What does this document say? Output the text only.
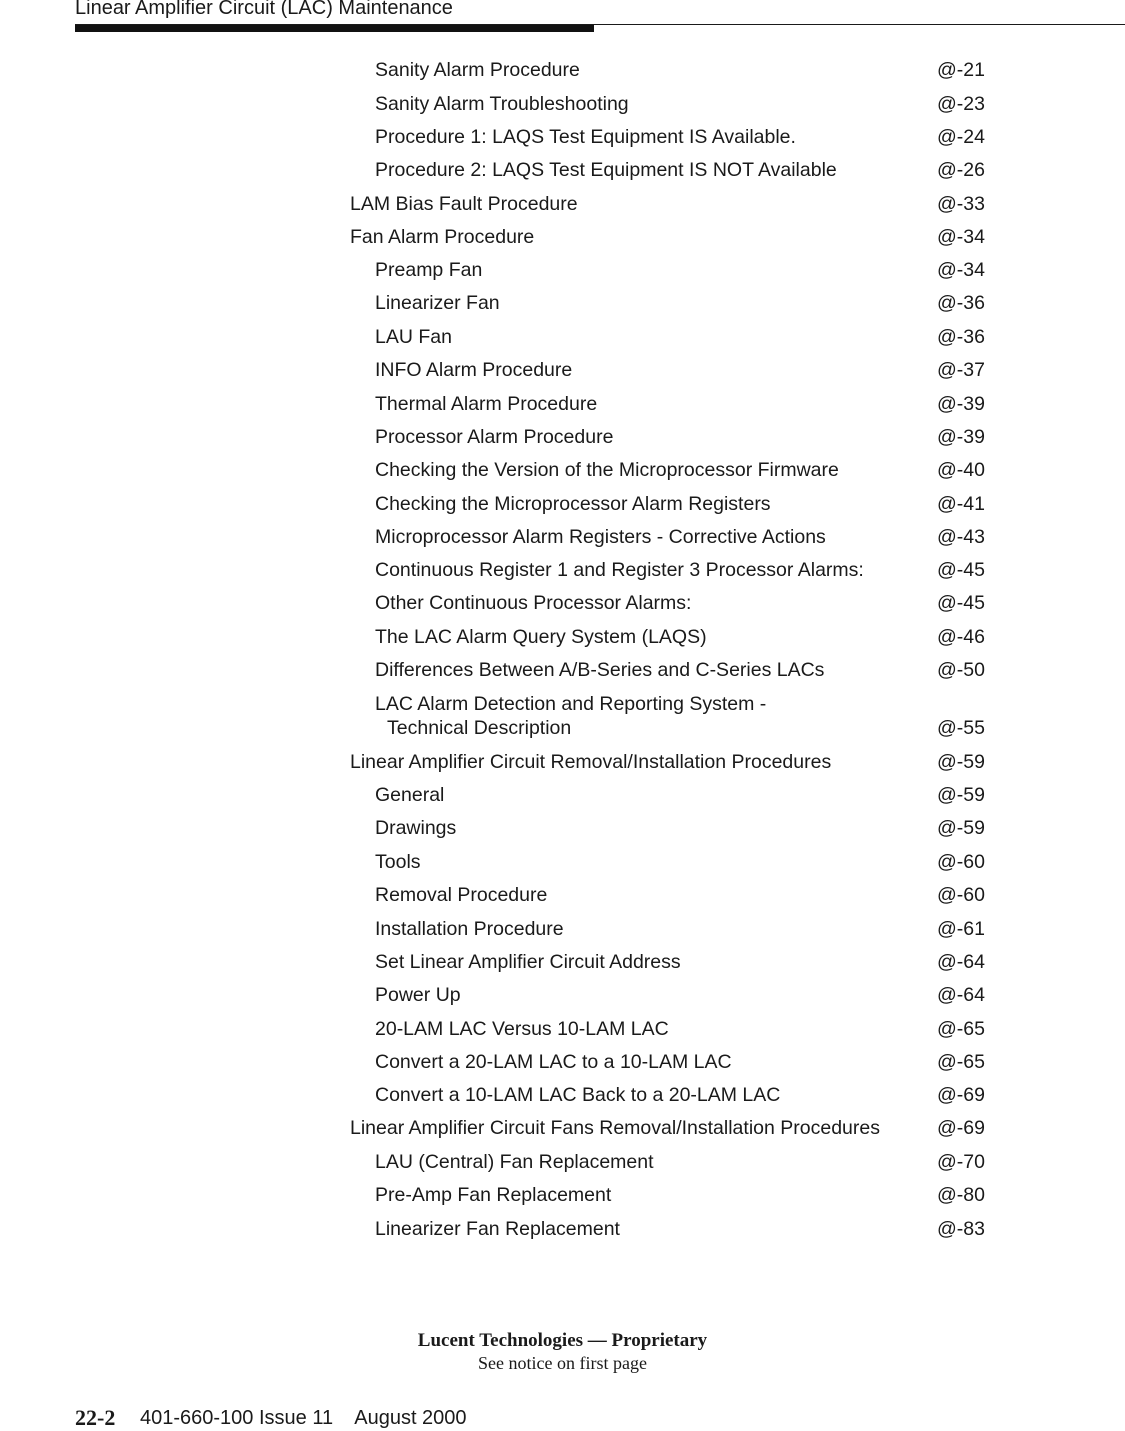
Linear Amplifier Circuit (LAC) Maintenance
Sanity Alarm Procedure	@-21
Sanity Alarm Troubleshooting	@-23
Procedure 1: LAQS Test Equipment IS Available.	@-24
Procedure 2: LAQS Test Equipment IS NOT Available	@-26
LAM Bias Fault Procedure	@-33
Fan Alarm Procedure	@-34
Preamp Fan	@-34
Linearizer Fan	@-36
LAU Fan	@-36
INFO Alarm Procedure	@-37
Thermal Alarm Procedure	@-39
Processor Alarm Procedure	@-39
Checking the Version of the Microprocessor Firmware	@-40
Checking the Microprocessor Alarm Registers	@-41
Microprocessor Alarm Registers - Corrective Actions	@-43
Continuous Register 1 and Register 3 Processor Alarms:	@-45
Other Continuous Processor Alarms:	@-45
The LAC Alarm Query System (LAQS)	@-46
Differences Between A/B-Series and C-Series LACs	@-50
LAC Alarm Detection and Reporting System -
Technical Description	@-55
Linear Amplifier Circuit Removal/Installation Procedures	@-59
General	@-59
Drawings	@-59
Tools	@-60
Removal Procedure	@-60
Installation Procedure	@-61
Set Linear Amplifier Circuit Address	@-64
Power Up	@-64
20-LAM LAC Versus 10-LAM LAC	@-65
Convert a 20-LAM LAC to a 10-LAM LAC	@-65
Convert a 10-LAM LAC Back to a 20-LAM LAC	@-69
Linear Amplifier Circuit Fans Removal/Installation Procedures	@-69
LAU (Central) Fan Replacement	@-70
Pre-Amp Fan Replacement	@-80
Linearizer Fan Replacement	@-83
Lucent Technologies — Proprietary
See notice on first page
22-2 401-660-100 Issue 11    August 2000
